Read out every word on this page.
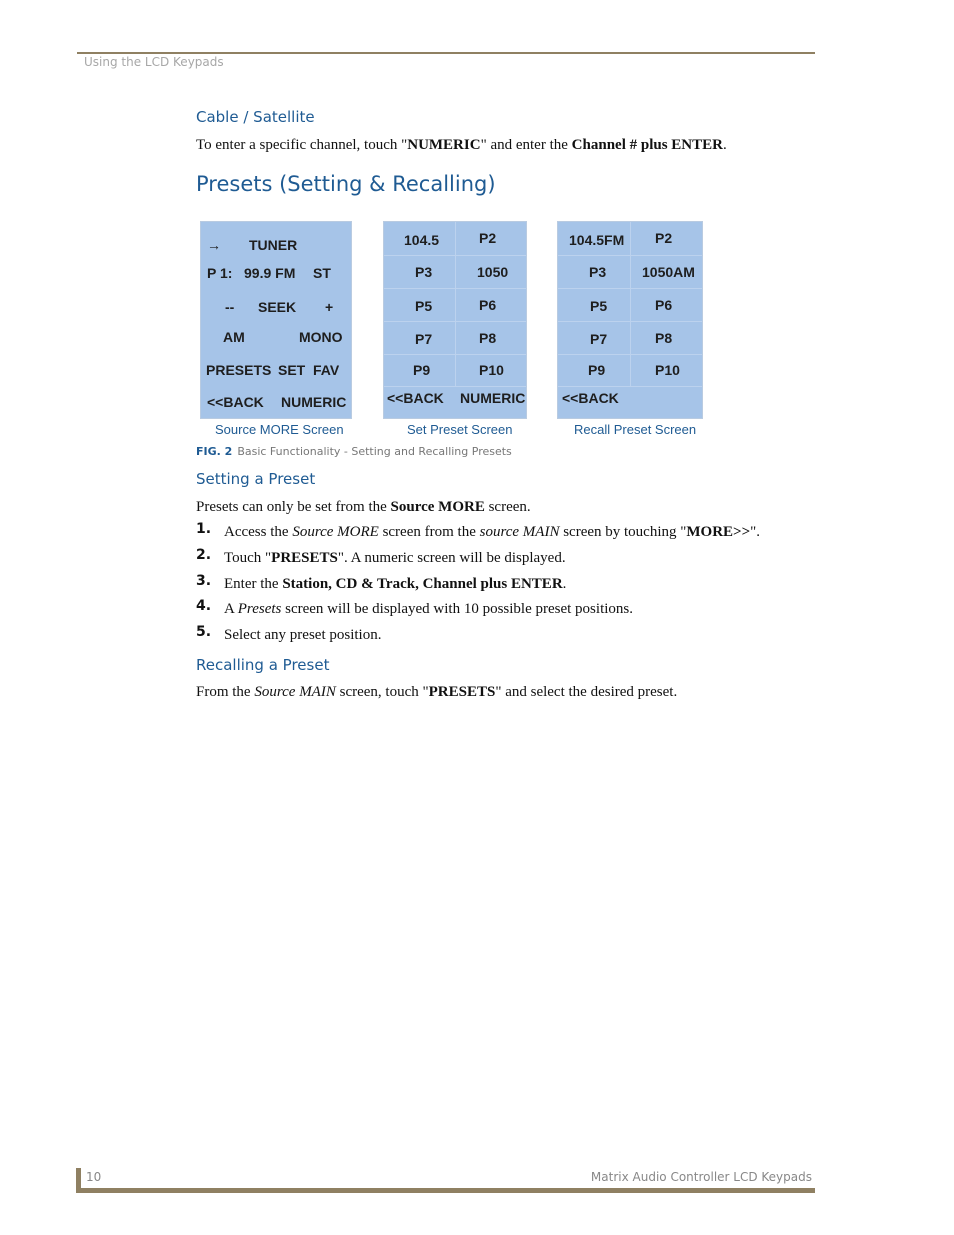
Using the LCD Keypads
Cable / Satellite
To enter a specific channel, touch "NUMERIC" and enter the Channel # plus ENTER.
Presets (Setting & Recalling)
→ TUNER
P 1: 99.9 FM ST
-- SEEK +
AM	MONO
PRESETS SET FAV
<<BACK NUMERIC
Source MORE Screen
104.5	P2
P3	1050
P5	P6
P7	P8
P9	P10
<<BACK NUMERIC
Set Preset Screen
104.5FM P2
P3	1050AM
P5	P6
P7	P8
P9	P10
<<BACK
Recall Preset Screen
FIG. 2 Basic Functionality - Setting and Recalling Presets
Setting a Preset
Presets can only be set from the Source MORE screen.
1. Access the Source MORE screen from the source MAIN screen by touching "MORE>>".
2. Touch "PRESETS". A numeric screen will be displayed.
3. Enter the Station, CD & Track, Channel plus ENTER.
4. A Presets screen will be displayed with 10 possible preset positions.
5. Select any preset position.
Recalling a Preset
From the Source MAIN screen, touch "PRESETS" and select the desired preset.
10	Matrix Audio Controller LCD Keypads
